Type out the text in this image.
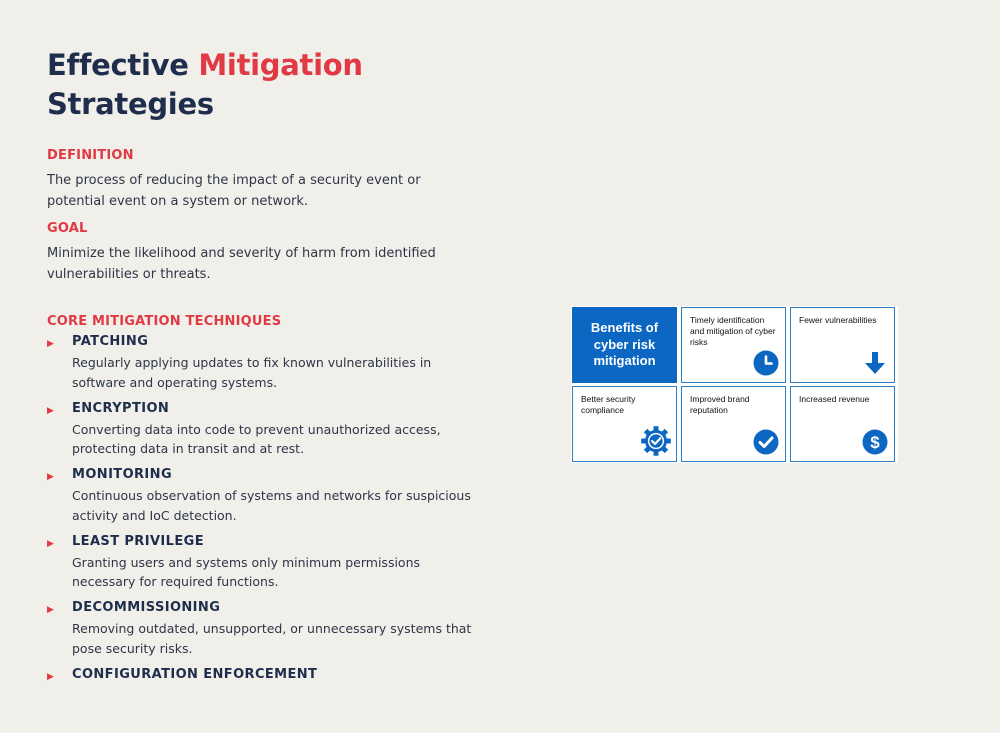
Effective Mitigation
Strategies
DEFINITION
The process of reducing the impact of a security event or potential event on a system or network.
GOAL
Minimize the likelihood and severity of harm from identified vulnerabilities or threats.
CORE MITIGATION TECHNIQUES
▶ PATCHING
Regularly applying updates to fix known vulnerabilities in software and operating systems.
▶ ENCRYPTION
Converting data into code to prevent unauthorized access, protecting data in transit and at rest.
▶ MONITORING
Continuous observation of systems and networks for suspicious activity and IoC detection.
▶ LEAST PRIVILEGE
Granting users and systems only minimum permissions necessary for required functions.
▶ DECOMMISSIONING
Removing outdated, unsupported, or unnecessary systems that pose security risks.
▶ CONFIGURATION ENFORCEMENT
Benefits of cyber risk mitigation
Timely identification and mitigation of cyber risks
Fewer vulnerabilities
Better security compliance
Improved brand reputation
Increased revenue
$
